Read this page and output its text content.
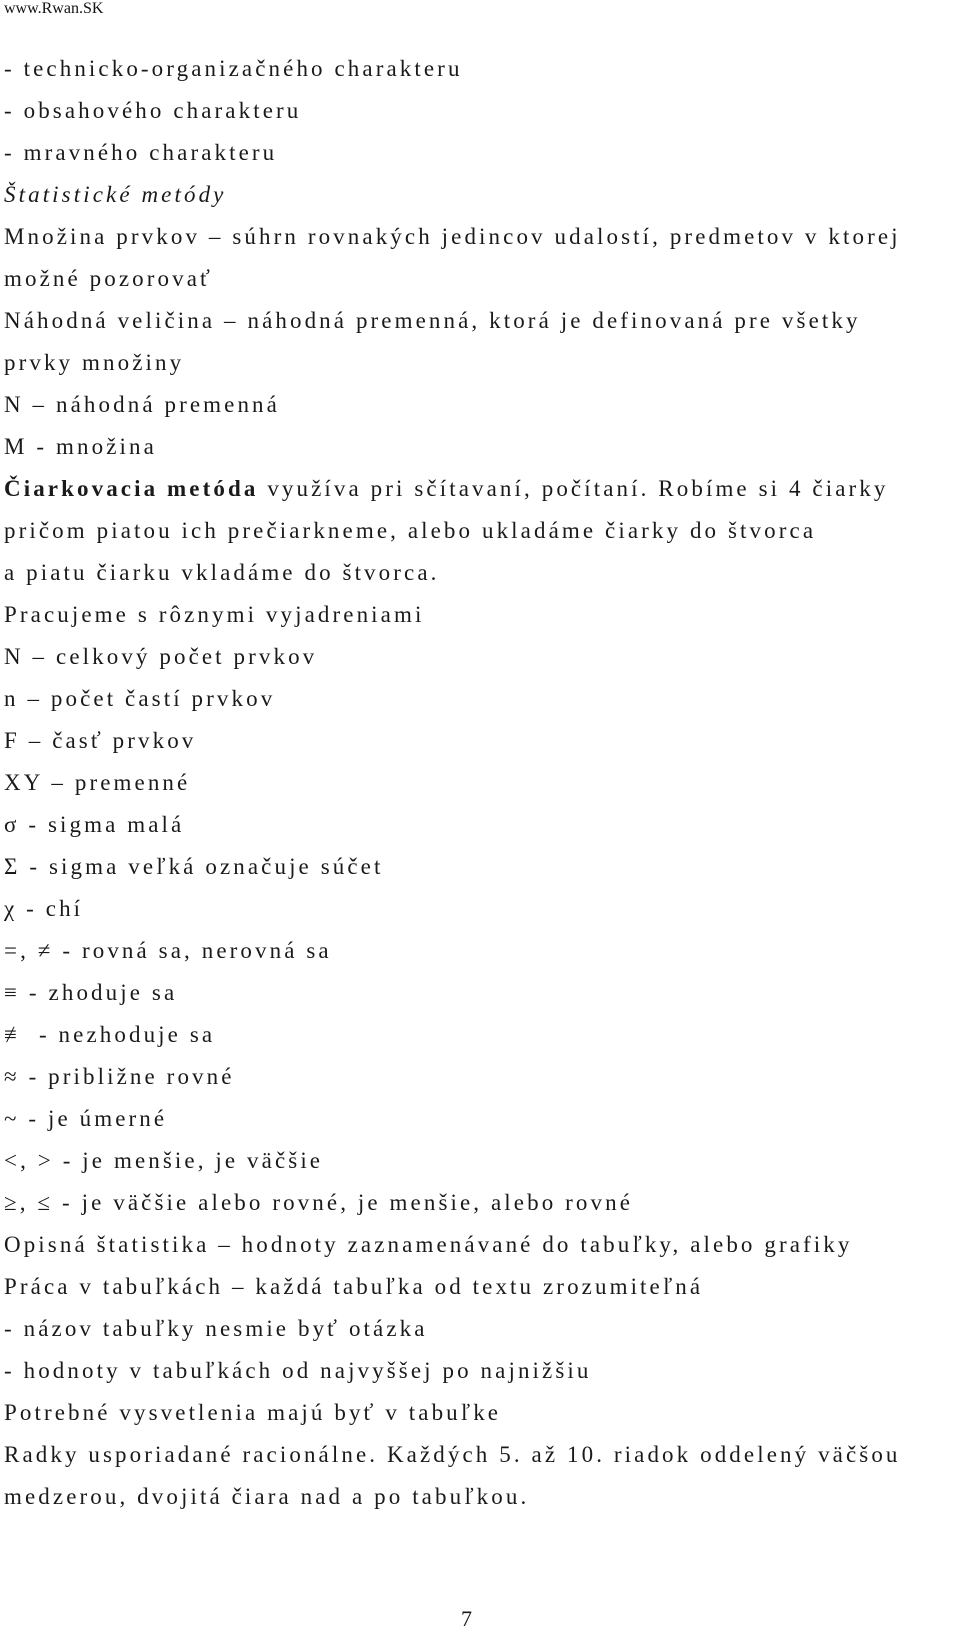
www.Rwan.SK
- technicko-organizačného charakteru
- obsahového charakteru
- mravného charakteru
Štatistické metódy
Množina prvkov – súhrn rovnakých jedincov udalostí, predmetov v ktorej
možné pozorovať
Náhodná veličina – náhodná premenná, ktorá je definovaná pre všetky
prvky množiny
N – náhodná premenná
M - množina
Čiarkovacia metóda využíva pri sčítavaní, počítaní. Robíme si 4 čiarky
pričom piatou ich prečiarkneme, alebo ukladáme čiarky do štvorca
a piatu čiarku vkladáme do štvorca.
Pracujeme s rôznymi vyjadreniami
N – celkový počet prvkov
n – počet častí prvkov
F – časť prvkov
XY – premenné
σ - sigma malá
Σ - sigma veľká označuje súčet
χ - chí
=, ≠ - rovná sa, nerovná sa
≡ - zhoduje sa
≢ - nezhoduje sa
≈ - približne rovné
~ - je úmerné
<, > - je menšie, je väčšie
≥, ≤ - je väčšie alebo rovné, je menšie, alebo rovné
Opisná štatistika – hodnoty zaznamenávané do tabuľky, alebo grafiky
Práca v tabuľkách – každá tabuľka od textu zrozumiteľná
- názov tabuľky nesmie byť otázka
- hodnoty v tabuľkách od najvyššej po najnižšiu
Potrebné vysvetlenia majú byť v tabuľke
Radky usporiadané racionálne. Každých 5. až 10. riadok oddelený väčšou
medzerou, dvojitá čiara nad a po tabuľkou.
7
